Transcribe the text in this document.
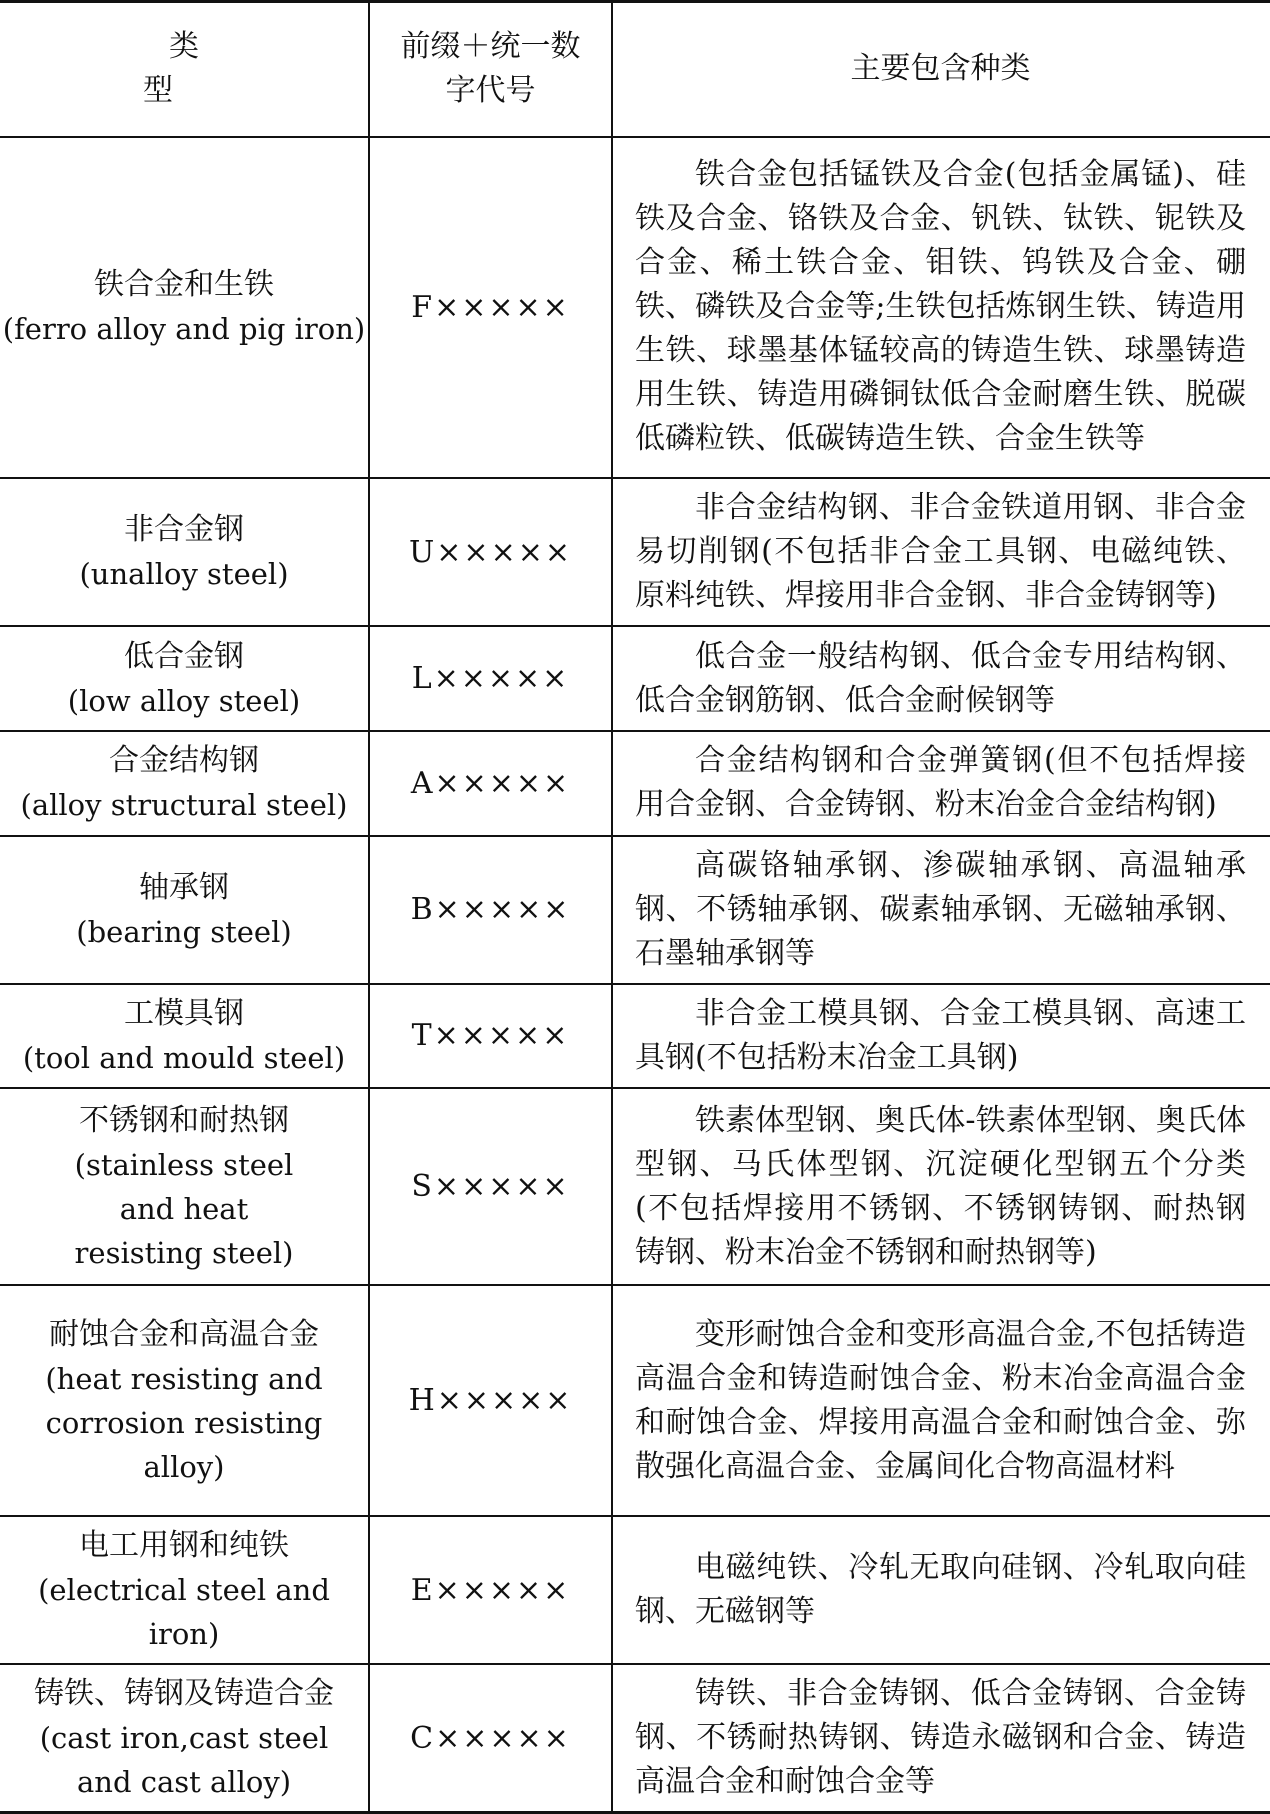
类　　型	前缀＋统一数字代号	主要包含种类

铁合金和生铁
(ferro alloy and pig iron)	F×××××	铁合金包括锰铁及合金(包括金属锰)、硅铁及合金、铬铁及合金、钒铁、钛铁、铌铁及合金、稀土铁合金、钼铁、钨铁及合金、硼铁、磷铁及合金等;生铁包括炼钢生铁、铸造用生铁、球墨基体锰较高的铸造生铁、球墨铸造用生铁、铸造用磷铜钛低合金耐磨生铁、脱碳低磷粒铁、低碳铸造生铁、合金生铁等

非合金钢
(unalloy steel)	U×××××	非合金结构钢、非合金铁道用钢、非合金易切削钢(不包括非合金工具钢、电磁纯铁、原料纯铁、焊接用非合金钢、非合金铸钢等)

低合金钢
(low alloy steel)	L×××××	低合金一般结构钢、低合金专用结构钢、低合金钢筋钢、低合金耐候钢等

合金结构钢
(alloy structural steel)	A×××××	合金结构钢和合金弹簧钢(但不包括焊接用合金钢、合金铸钢、粉末冶金合金结构钢)

轴承钢
(bearing steel)	B×××××	高碳铬轴承钢、渗碳轴承钢、高温轴承钢、不锈轴承钢、碳素轴承钢、无磁轴承钢、石墨轴承钢等

工模具钢
(tool and mould steel)	T×××××	非合金工模具钢、合金工模具钢、高速工具钢(不包括粉末冶金工具钢)

不锈钢和耐热钢
(stainless steel and heat resisting steel)	S×××××	铁素体型钢、奥氏体-铁素体型钢、奥氏体型钢、马氏体型钢、沉淀硬化型钢五个分类(不包括焊接用不锈钢、不锈钢铸钢、耐热钢铸钢、粉末冶金不锈钢和耐热钢等)

耐蚀合金和高温合金
(heat resisting and corrosion resisting alloy)	H×××××	变形耐蚀合金和变形高温合金,不包括铸造高温合金和铸造耐蚀合金、粉末冶金高温合金和耐蚀合金、焊接用高温合金和耐蚀合金、弥散强化高温合金、金属间化合物高温材料

电工用钢和纯铁
(electrical steel and iron)	E×××××	电磁纯铁、冷轧无取向硅钢、冷轧取向硅钢、无磁钢等

铸铁、铸钢及铸造合金
(cast iron,cast steel and cast alloy)	C×××××	铸铁、非合金铸钢、低合金铸钢、合金铸钢、不锈耐热铸钢、铸造永磁钢和合金、铸造高温合金和耐蚀合金等
